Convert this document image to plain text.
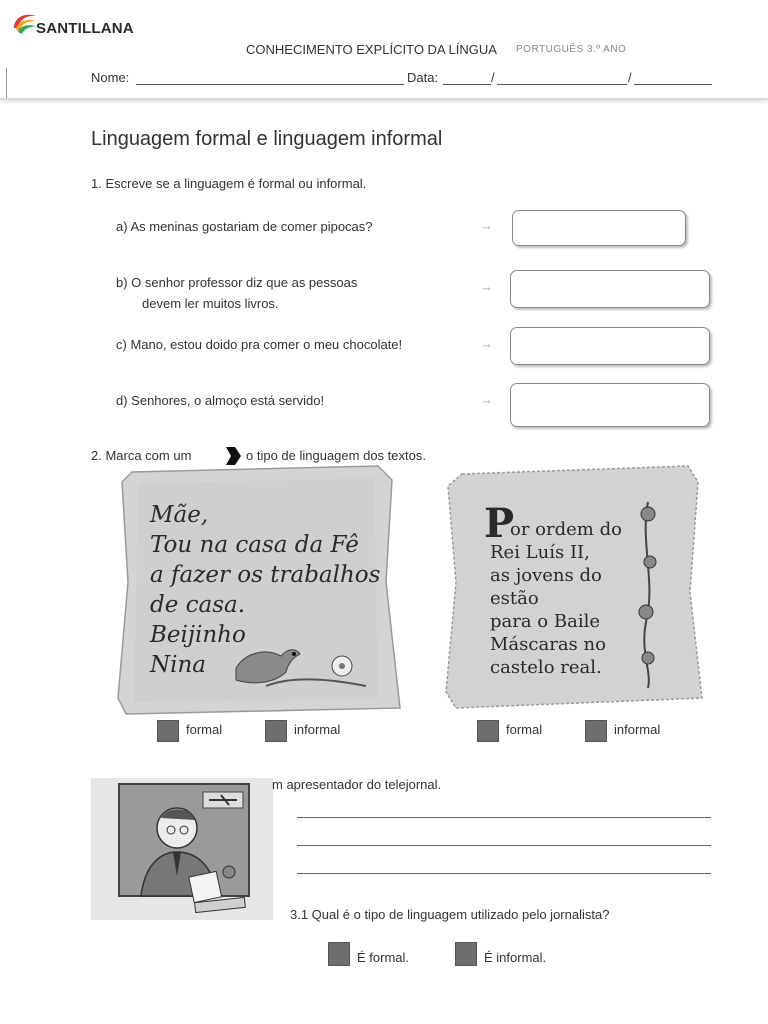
SANTILLANA
CONHECIMENTO EXPLÍCITO DA LÍNGUA PORTUGUÊS 3.º ANO
Nome:	Data:	/	/
Linguagem formal e linguagem informal
1. Escreve se a linguagem é formal ou informal.
a) As meninas gostariam de comer pipocas?	→
b) O senhor professor diz que as pessoas
devem ler muitos livros.
→
c) Mano, estou doido pra comer o meu chocolate!	→
d) Senhores, o almoço está servido!	→
2. Marca com um	o tipo de linguagem dos textos.
Mãe,
Tou na casa da Fê
a fazer os trabalhos
de casa.
Beijinho
Nina
P
or ordem do
Rei Luís II,
as jovens do
estão
para o Baile
Máscaras no
castelo real.
formal	informal	formal	informal
m apresentador do telejornal.
3.1 Qual é o tipo de linguagem utilizado pelo jornalista?
É formal.	É informal.
